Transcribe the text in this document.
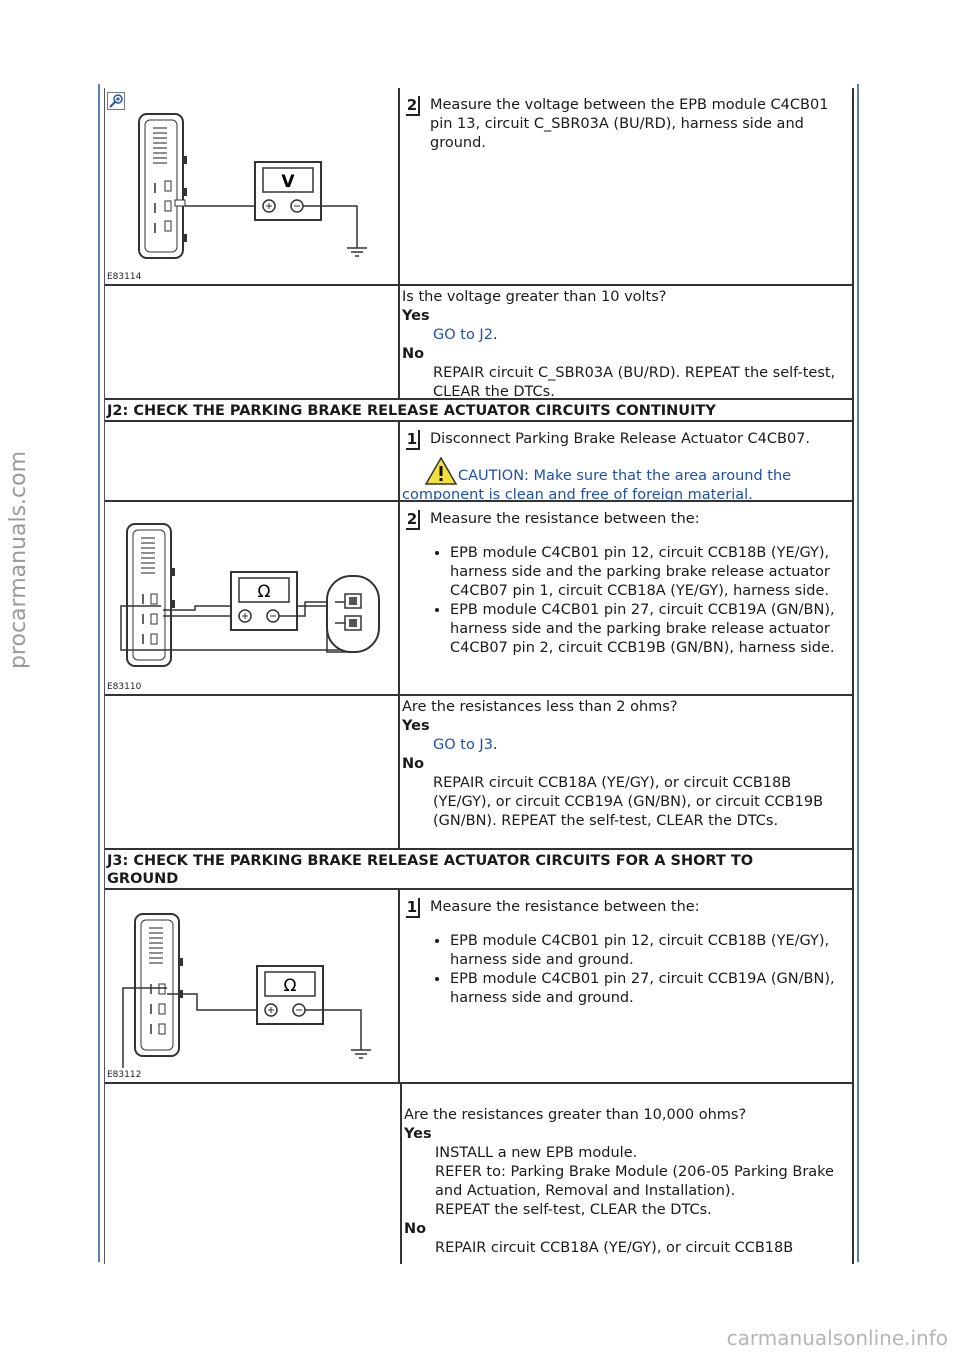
procarmanuals.com
V
E83114
2 Measure the voltage between the EPB module C4CB01 pin 13, circuit C_SBR03A (BU/RD), harness side and ground.
Is the voltage greater than 10 volts?
Yes
GO to J2.
No
REPAIR circuit C_SBR03A (BU/RD). REPEAT the self-test, CLEAR the DTCs.
J2: CHECK THE PARKING BRAKE RELEASE ACTUATOR CIRCUITS CONTINUITY
1 Disconnect Parking Brake Release Actuator C4CB07.
CAUTION: Make sure that the area around the component is clean and free of foreign material.
Ω
E83110
2 Measure the resistance between the:
• EPB module C4CB01 pin 12, circuit CCB18B (YE/GY), harness side and the parking brake release actuator C4CB07 pin 1, circuit CCB18A (YE/GY), harness side.
• EPB module C4CB01 pin 27, circuit CCB19A (GN/BN), harness side and the parking brake release actuator C4CB07 pin 2, circuit CCB19B (GN/BN), harness side.
Are the resistances less than 2 ohms?
Yes
GO to J3.
No
REPAIR circuit CCB18A (YE/GY), or circuit CCB18B (YE/GY), or circuit CCB19A (GN/BN), or circuit CCB19B (GN/BN). REPEAT the self-test, CLEAR the DTCs.
J3: CHECK THE PARKING BRAKE RELEASE ACTUATOR CIRCUITS FOR A SHORT TO GROUND
Ω
E83112
1 Measure the resistance between the:
• EPB module C4CB01 pin 12, circuit CCB18B (YE/GY), harness side and ground.
• EPB module C4CB01 pin 27, circuit CCB19A (GN/BN), harness side and ground.
Are the resistances greater than 10,000 ohms?
Yes
INSTALL a new EPB module.
REFER to: Parking Brake Module (206-05 Parking Brake and Actuation, Removal and Installation).
REPEAT the self-test, CLEAR the DTCs.
No
REPAIR circuit CCB18A (YE/GY), or circuit CCB18B
carmanualsonline.info
